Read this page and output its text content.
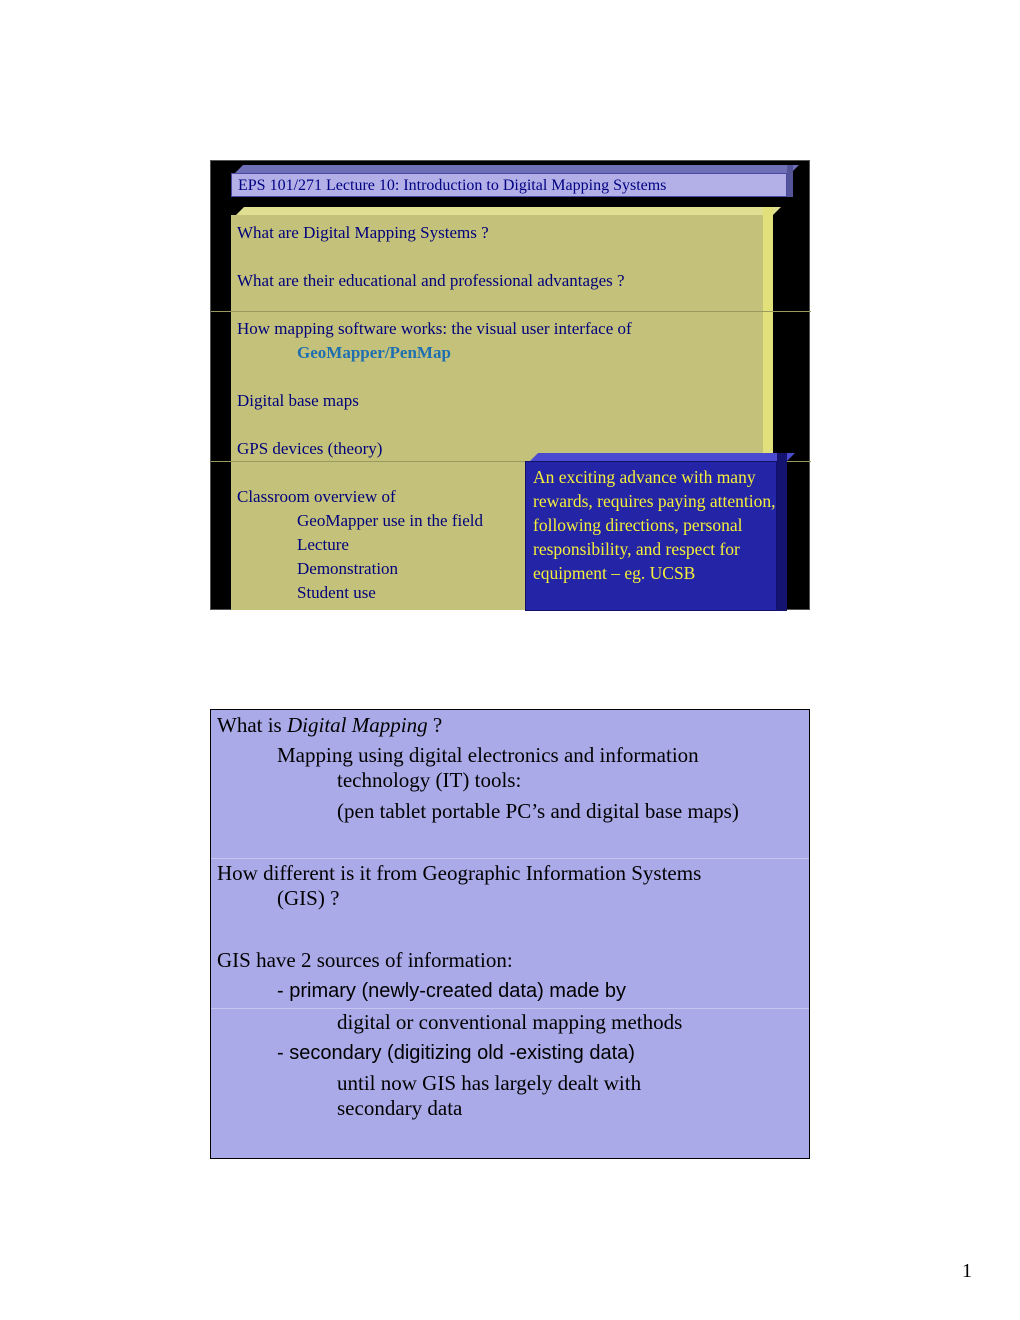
EPS 101/271 Lecture 10: Introduction to Digital Mapping Systems
What are Digital Mapping Systems ?
What are their educational and professional advantages ?
How mapping software works: the visual user interface of
GeoMapper/PenMap
Digital base maps
GPS devices (theory)
Classroom overview of
GeoMapper use in the field
Lecture
Demonstration
Student use
An exciting advance with many rewards, requires paying attention, following directions, personal responsibility, and respect for equipment – eg. UCSB
What is Digital Mapping ?
Mapping using digital electronics and information
technology (IT) tools:
(pen tablet portable PC’s and digital base maps)
How different is it from Geographic Information Systems
(GIS) ?
GIS have 2 sources of information:
- primary (newly-created data) made by
digital or conventional mapping methods
- secondary (digitizing old -existing data)
until now GIS has largely dealt with
secondary data
1
